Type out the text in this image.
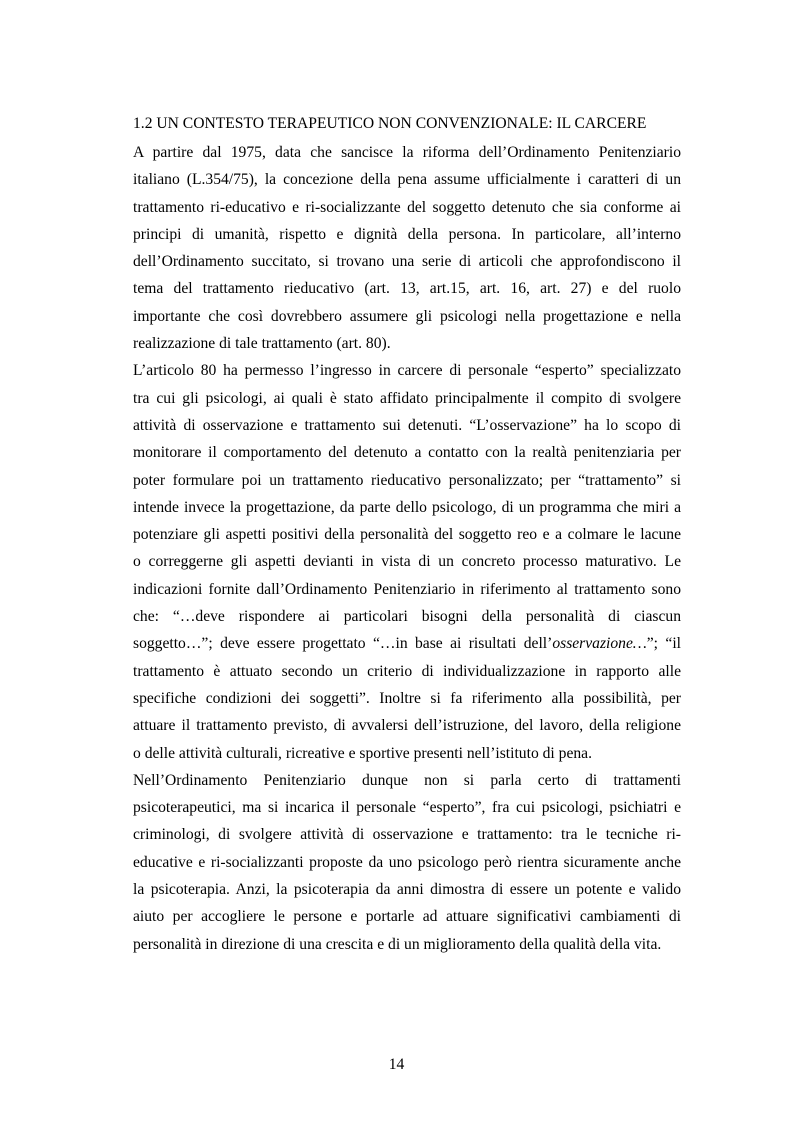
1.2 UN CONTESTO TERAPEUTICO NON CONVENZIONALE: IL CARCERE
A partire dal 1975, data che sancisce la riforma dell’Ordinamento Penitenziario
italiano (L.354/75), la concezione della pena assume ufficialmente i caratteri di un
trattamento ri-educativo e ri-socializzante del soggetto detenuto che sia conforme ai
principi di umanità, rispetto e dignità della persona. In particolare, all’interno
dell’Ordinamento succitato, si trovano una serie di articoli che approfondiscono il
tema del trattamento rieducativo (art. 13, art.15, art. 16, art. 27) e del ruolo
importante che così dovrebbero assumere gli psicologi nella progettazione e nella
realizzazione di tale trattamento (art. 80).
L’articolo 80 ha permesso l’ingresso in carcere di personale “esperto” specializzato
tra cui gli psicologi, ai quali è stato affidato principalmente il compito di svolgere
attività di osservazione e trattamento sui detenuti. “L’osservazione” ha lo scopo di
monitorare il comportamento del detenuto a contatto con la realtà penitenziaria per
poter formulare poi un trattamento rieducativo personalizzato; per “trattamento” si
intende invece la progettazione, da parte dello psicologo, di un programma che miri a
potenziare gli aspetti positivi della personalità del soggetto reo e a colmare le lacune
o correggerne gli aspetti devianti in vista di un concreto processo maturativo. Le
indicazioni fornite dall’Ordinamento Penitenziario in riferimento al trattamento sono
che: “…deve rispondere ai particolari bisogni della personalità di ciascun
soggetto…”; deve essere progettato “…in base ai risultati dell’osservazione…”; “il
trattamento è attuato secondo un criterio di individualizzazione in rapporto alle
specifiche condizioni dei soggetti”. Inoltre si fa riferimento alla possibilità, per
attuare il trattamento previsto, di avvalersi dell’istruzione, del lavoro, della religione
o delle attività culturali, ricreative e sportive presenti nell’istituto di pena.
Nell’Ordinamento Penitenziario dunque non si parla certo di trattamenti
psicoterapeutici, ma si incarica il personale “esperto”, fra cui psicologi, psichiatri e
criminologi, di svolgere attività di osservazione e trattamento: tra le tecniche ri-
educative e ri-socializzanti proposte da uno psicologo però rientra sicuramente anche
la psicoterapia. Anzi, la psicoterapia da anni dimostra di essere un potente e valido
aiuto per accogliere le persone e portarle ad attuare significativi cambiamenti di
personalità in direzione di una crescita e di un miglioramento della qualità della vita.
14
